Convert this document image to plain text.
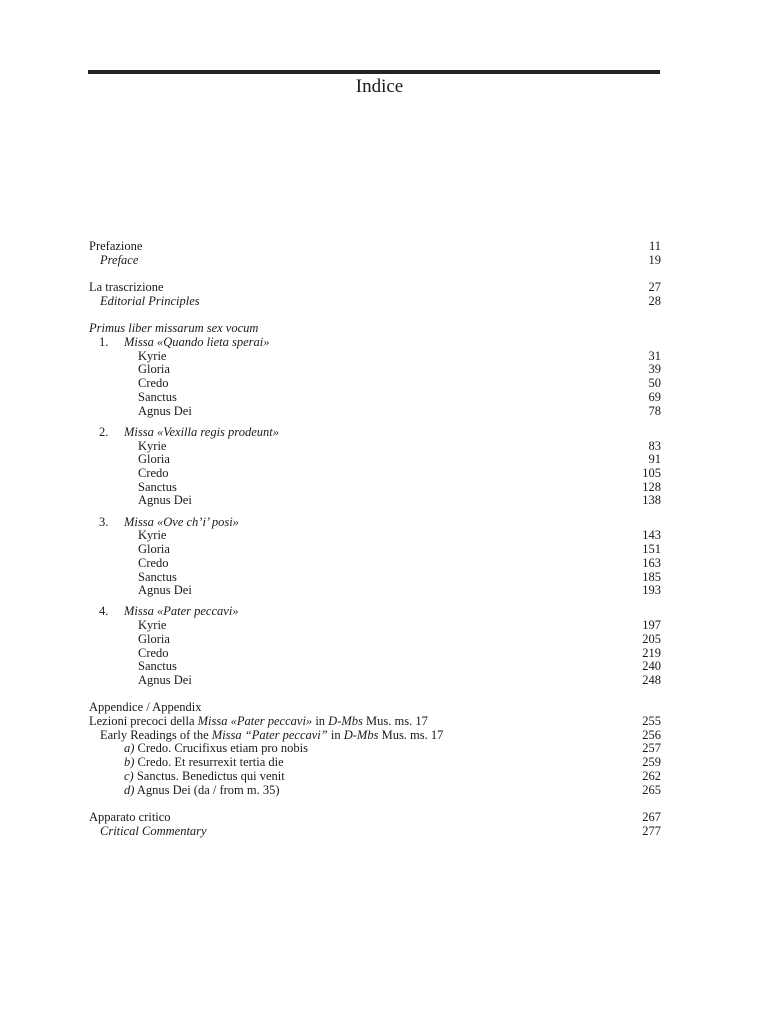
Indice
Prefazione	11
Preface	19
La trascrizione	27
Editorial Principles	28
Primus liber missarum sex vocum
1. Missa «Quando lieta sperai»
Kyrie	31
Gloria	39
Credo	50
Sanctus	69
Agnus Dei	78
2. Missa «Vexilla regis prodeunt»
Kyrie	83
Gloria	91
Credo	105
Sanctus	128
Agnus Dei	138
3. Missa «Ove ch’i’ posi»
Kyrie	143
Gloria	151
Credo	163
Sanctus	185
Agnus Dei	193
4. Missa «Pater peccavi»
Kyrie	197
Gloria	205
Credo	219
Sanctus	240
Agnus Dei	248
Appendice / Appendix
Lezioni precoci della Missa «Pater peccavi» in D-Mbs Mus. ms. 17	255
Early Readings of the Missa “Pater peccavi” in D-Mbs Mus. ms. 17	256
a) Credo. Crucifixus etiam pro nobis	257
b) Credo. Et resurrexit tertia die	259
c) Sanctus. Benedictus qui venit	262
d) Agnus Dei (da / from m. 35)	265
Apparato critico	267
Critical Commentary	277
